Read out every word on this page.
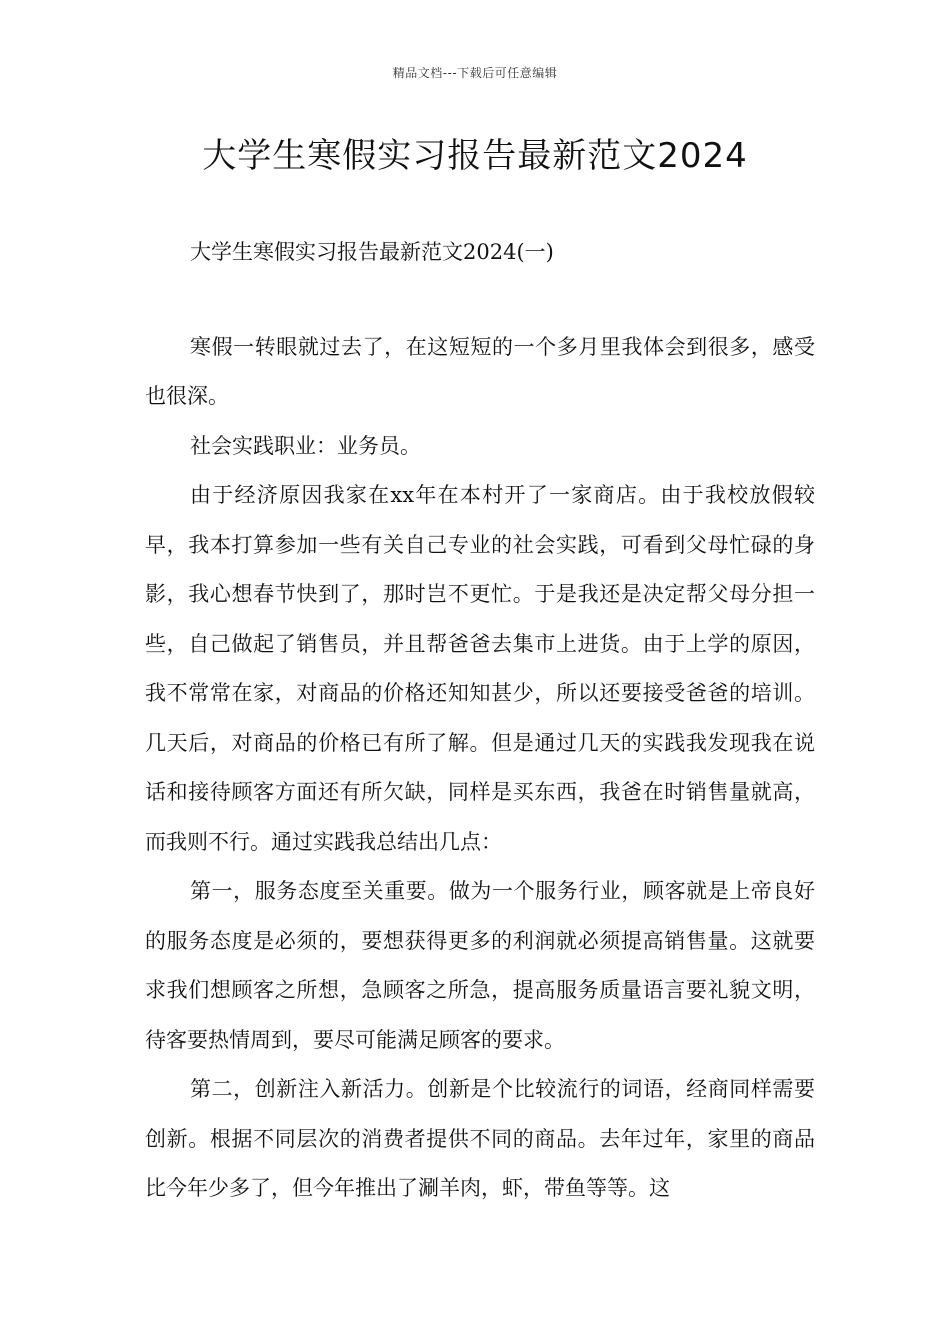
精品文档---下载后可任意编辑
大学生寒假实习报告最新范文2024

大学生寒假实习报告最新范文2024(一)

寒假一转眼就过去了，在这短短的一个多月里我体会到很多，感受也很深。

社会实践职业：业务员。

由于经济原因我家在xx年在本村开了一家商店。由于我校放假较早，我本打算参加一些有关自己专业的社会实践，可看到父母忙碌的身影，我心想春节快到了，那时岂不更忙。于是我还是决定帮父母分担一些，自己做起了销售员，并且帮爸爸去集市上进货。由于上学的原因，我不常常在家，对商品的价格还知知甚少，所以还要接受爸爸的培训。几天后，对商品的价格已有所了解。但是通过几天的实践我发现我在说话和接待顾客方面还有所欠缺，同样是买东西，我爸在时销售量就高，而我则不行。通过实践我总结出几点：

第一，服务态度至关重要。做为一个服务行业，顾客就是上帝良好的服务态度是必须的，要想获得更多的利润就必须提高销售量。这就要求我们想顾客之所想，急顾客之所急，提高服务质量语言要礼貌文明，待客要热情周到，要尽可能满足顾客的要求。

第二，创新注入新活力。创新是个比较流行的词语，经商同样需要创新。根据不同层次的消费者提供不同的商品。去年过年，家里的商品比今年少多了，但今年推出了涮羊肉，虾，带鱼等等。这
